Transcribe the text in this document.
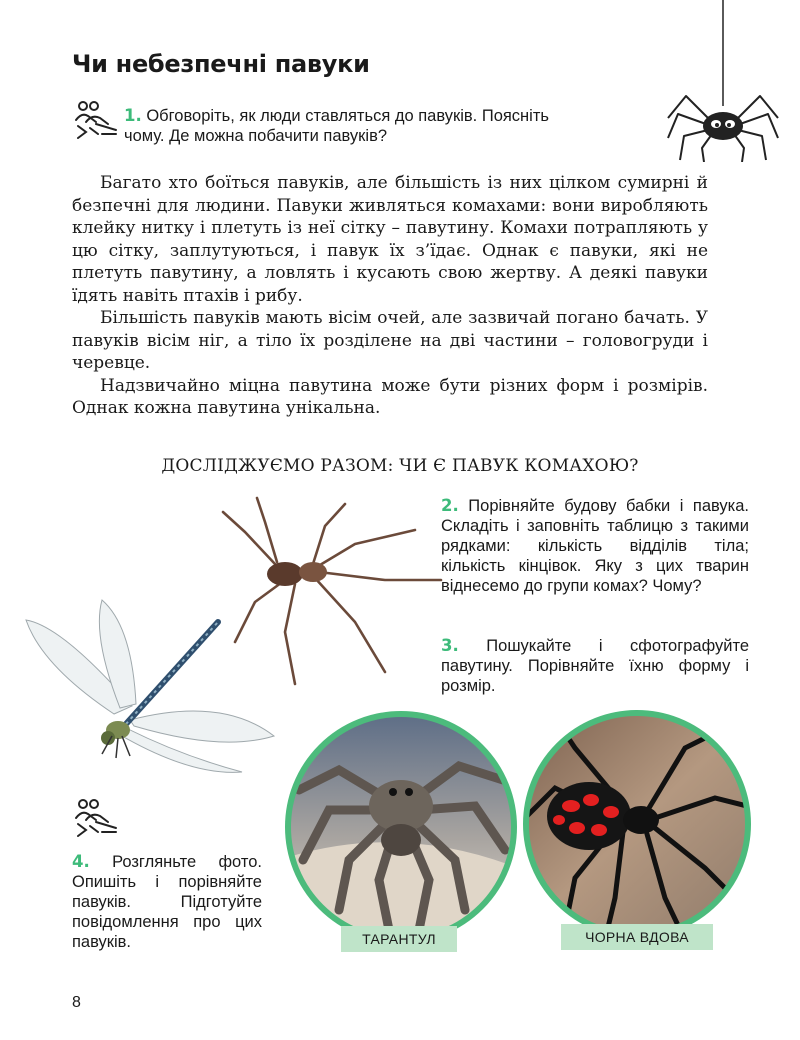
Чи небезпечні павуки
1. Обговоріть, як люди ставляться до павуків. Поясніть чому. Де можна побачити павуків?

Багато хто боїться павуків, але більшість із них цілком сумирні й безпечні для людини. Павуки живляться комахами: вони виробляють клейку нитку і плетуть із неї сітку – павутину. Комахи потрапляють у цю сітку, заплутуються, і павук їх з’їдає. Однак є павуки, які не плетуть павутину, а ловлять і кусають свою жертву. А деякі павуки їдять навіть птахів і рибу.

Більшість павуків мають вісім очей, але зазвичай погано бачать. У павуків вісім ніг, а тіло їх розділене на дві частини – головогруди і черевце.

Надзвичайно міцна павутина може бути різних форм і розмірів. Однак кожна павутина унікальна.

ДОСЛІДЖУЄМО РАЗОМ: ЧИ Є ПАВУК КОМАХОЮ?
2. Порівняйте будову бабки і павука. Складіть і заповніть таблицю з такими рядками: кількість відділів тіла; кількість кінцівок. Яку з цих тварин віднесемо до групи комах? Чому?
3. Пошукайте і сфотографуйте павутину. Порівняйте їхню форму і розмір.
ТАРАНТУЛ	ЧОРНА ВДОВА
4. Розгляньте фото. Опишіть і порівняйте павуків. Підготуйте повідомлення про цих павуків.
8
